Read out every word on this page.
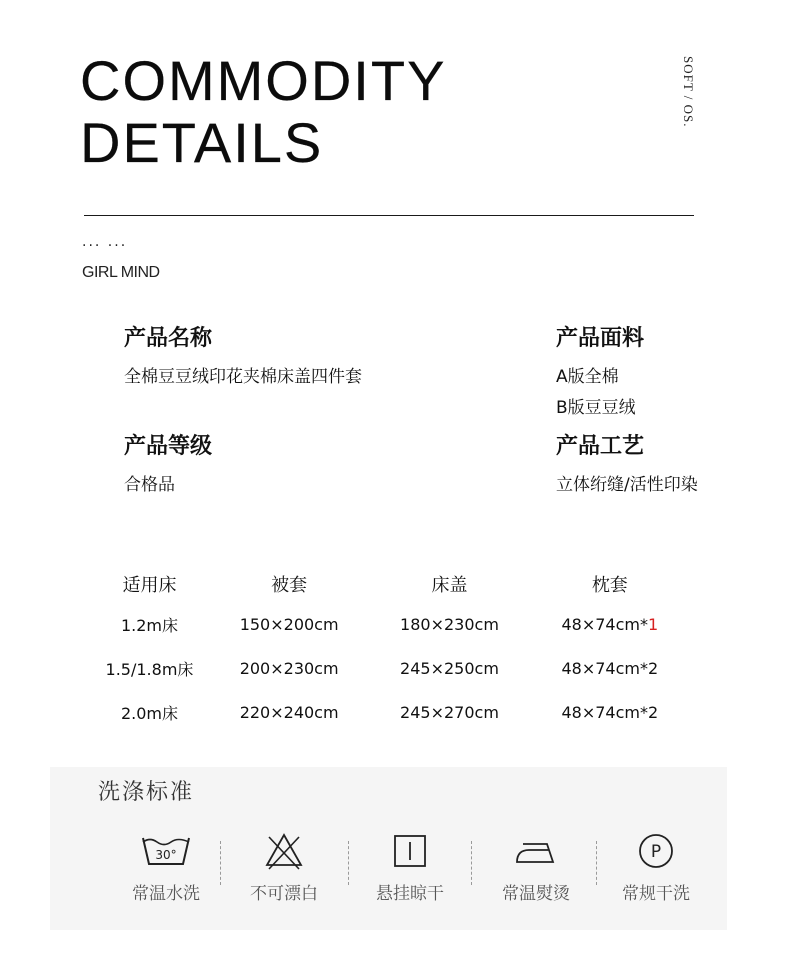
COMMODITY
DETAILS
SOFT / OS.
··· ···
GIRL MIND
产品名称
全棉豆豆绒印花夹棉床盖四件套
产品面料
A版全棉
B版豆豆绒
产品等级
合格品
产品工艺
立体绗缝/活性印染
适用床	被套	床盖	枕套
1.2m床	150×200cm	180×230cm	48×74cm*1
1.5/1.8m床	200×230cm	245×250cm	48×74cm*2
2.0m床	220×240cm	245×270cm	48×74cm*2
洗涤标准
30°
常温水洗	不可漂白	悬挂晾干	常温熨烫
P
常规干洗
